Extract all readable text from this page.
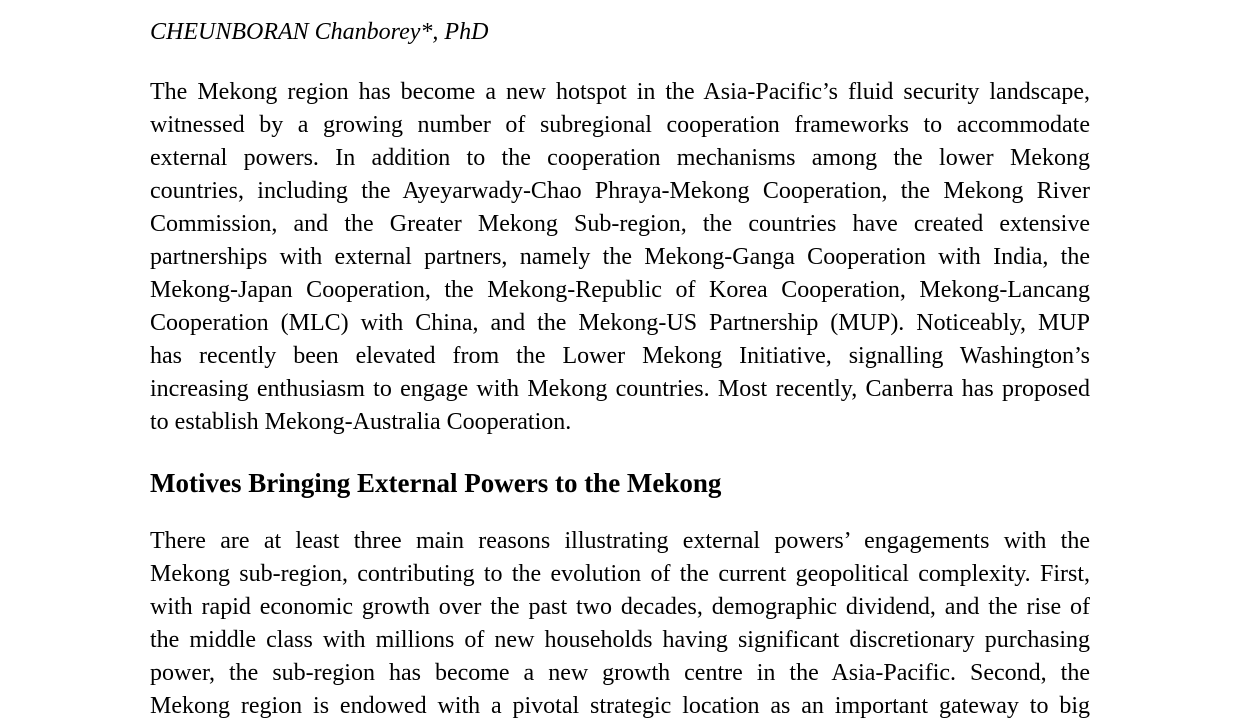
CHEUNBORAN Chanborey*, PhD
The Mekong region has become a new hotspot in the Asia-Pacific’s fluid security landscape,
witnessed by a growing number of subregional cooperation frameworks to accommodate
external powers. In addition to the cooperation mechanisms among the lower Mekong
countries, including the Ayeyarwady-Chao Phraya-Mekong Cooperation, the Mekong River
Commission, and the Greater Mekong Sub-region, the countries have created extensive
partnerships with external partners, namely the Mekong-Ganga Cooperation with India, the
Mekong-Japan Cooperation, the Mekong-Republic of Korea Cooperation, Mekong-Lancang
Cooperation (MLC) with China, and the Mekong-US Partnership (MUP). Noticeably, MUP
has recently been elevated from the Lower Mekong Initiative, signalling Washington’s
increasing enthusiasm to engage with Mekong countries. Most recently, Canberra has proposed
to establish Mekong-Australia Cooperation.
Motives Bringing External Powers to the Mekong
There are at least three main reasons illustrating external powers’ engagements with the
Mekong sub-region, contributing to the evolution of the current geopolitical complexity. First,
with rapid economic growth over the past two decades, demographic dividend, and the rise of
the middle class with millions of new households having significant discretionary purchasing
power, the sub-region has become a new growth centre in the Asia-Pacific. Second, the
Mekong region is endowed with a pivotal strategic location as an important gateway to big
